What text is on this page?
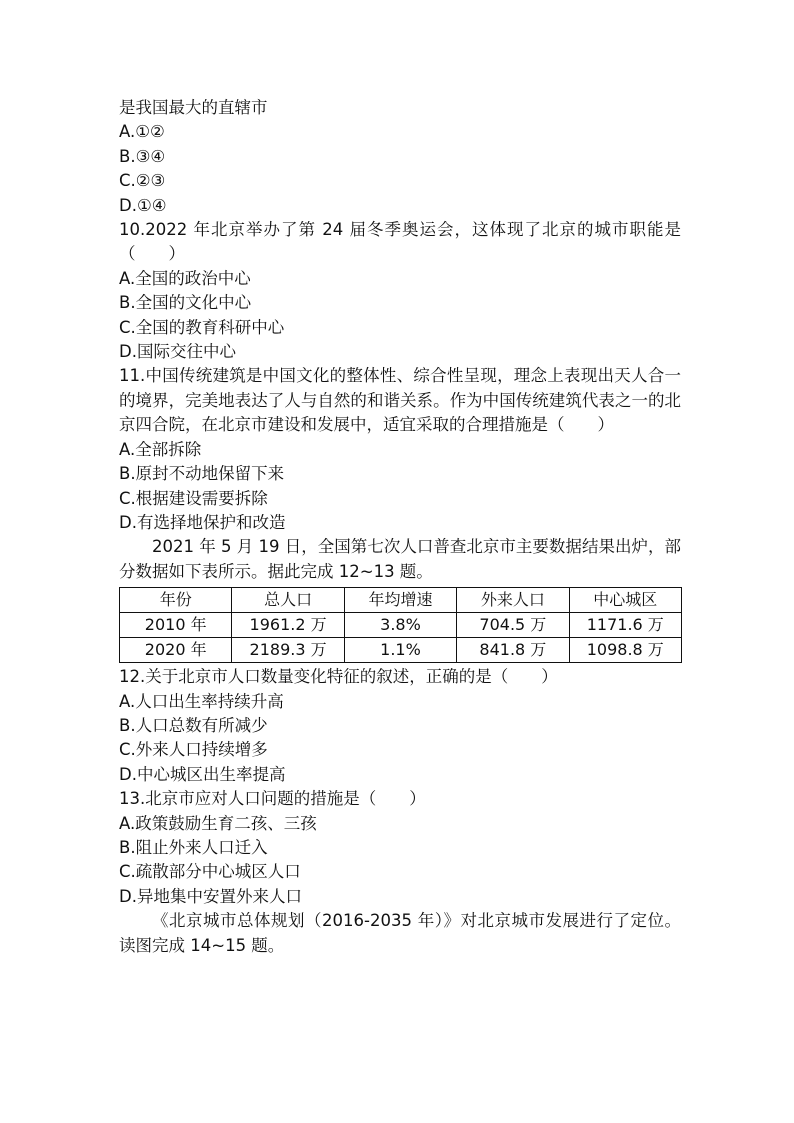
是我国最大的直辖市
A.①②
B.③④
C.②③
D.①④
10.2022 年北京举办了第 24 届冬季奥运会，这体现了北京的城市职能是（　　）
A.全国的政治中心
B.全国的文化中心
C.全国的教育科研中心
D.国际交往中心
11.中国传统建筑是中国文化的整体性、综合性呈现，理念上表现出天人合一的境界，完美地表达了人与自然的和谐关系。作为中国传统建筑代表之一的北京四合院，在北京市建设和发展中，适宜采取的合理措施是（　　）
A.全部拆除
B.原封不动地保留下来
C.根据建设需要拆除
D.有选择地保护和改造
2021 年 5 月 19 日，全国第七次人口普查北京市主要数据结果出炉，部分数据如下表所示。据此完成 12~13 题。
年份	总人口	年均增速	外来人口	中心城区
2010 年	1961.2 万	3.8%	704.5 万	1171.6 万
2020 年	2189.3 万	1.1%	841.8 万	1098.8 万
12.关于北京市人口数量变化特征的叙述，正确的是（　　）
A.人口出生率持续升高
B.人口总数有所减少
C.外来人口持续增多
D.中心城区出生率提高
13.北京市应对人口问题的措施是（　　）
A.政策鼓励生育二孩、三孩
B.阻止外来人口迁入
C.疏散部分中心城区人口
D.异地集中安置外来人口
《北京城市总体规划（2016-2035 年）》对北京城市发展进行了定位。读图完成 14~15 题。
